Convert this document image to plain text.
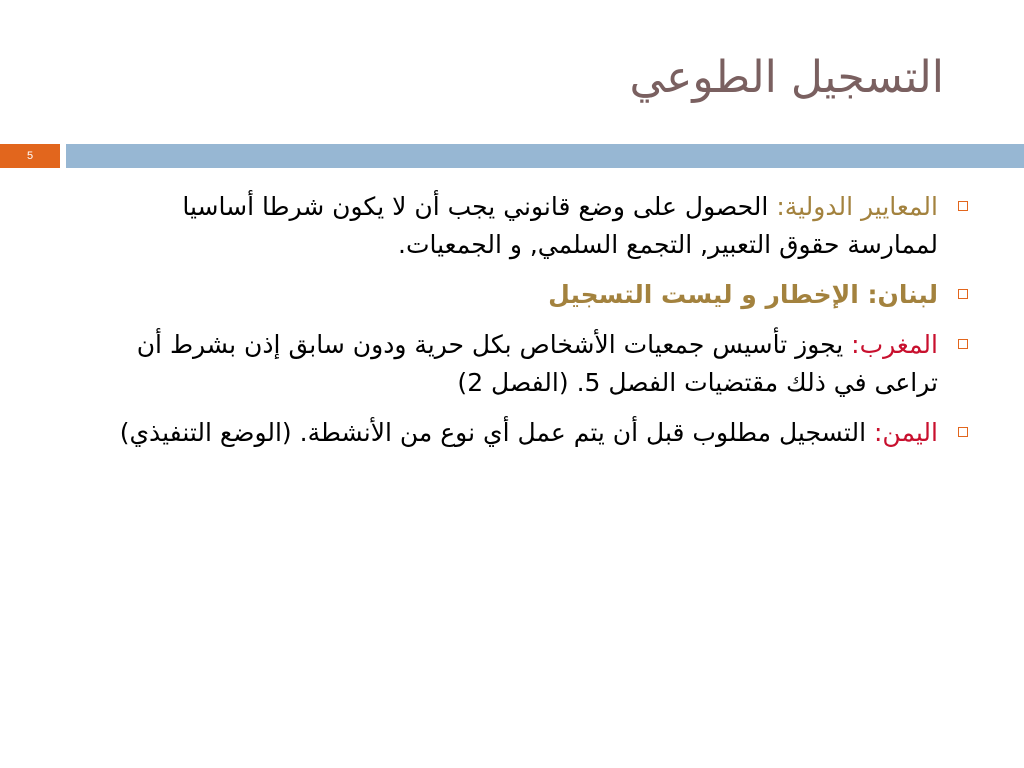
التسجيل الطوعي
5
المعايير الدولية: الحصول على وضع قانوني يجب أن لا يكون شرطا أساسيا لممارسة حقوق التعبير, التجمع السلمي, و الجمعيات.
لبنان: الإخطار و ليست التسجيل
المغرب: يجوز تأسيس جمعيات الأشخاص بكل حرية ودون سابق إذن بشرط أن تراعى في ذلك مقتضيات الفصل 5. (الفصل 2)
اليمن: التسجيل مطلوب قبل أن يتم عمل أي نوع من الأنشطة. (الوضع التنفيذي)
